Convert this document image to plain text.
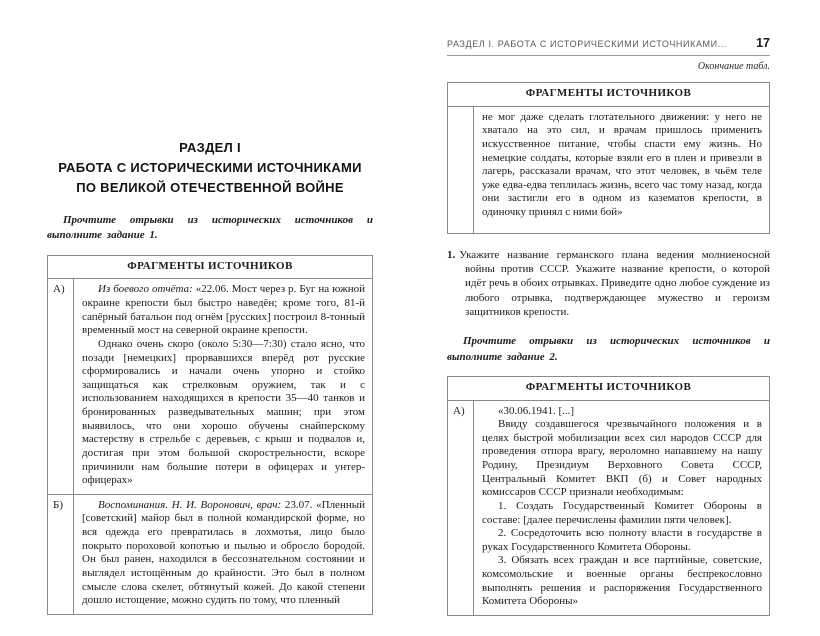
РАЗДЕЛ I
РАБОТА С ИСТОРИЧЕСКИМИ ИСТОЧНИКАМИ
ПО ВЕЛИКОЙ ОТЕЧЕСТВЕННОЙ ВОЙНЕ

Прочтите отрывки из исторических источников и выполните задание 1.

ФРАГМЕНТЫ ИСТОЧНИКОВ
А)	Из боевого отчёта: «22.06. Мост через р. Буг на южной окраине крепости был быстро наведён; кроме того, 81-й сапёрный батальон под огнём [русских] построил 8-тонный временный мост на северной окраине крепости.

Однако очень скоро (около 5:30—7:30) стало ясно, что позади [немецких] прорвавшихся вперёд рот русские сформировались и начали очень упорно и стойко защищаться как стрелковым оружием, так и с использованием находящихся в крепости 35—40 танков и бронированных разведывательных машин; при этом выявилось, что они хорошо обучены снайперскому мастерству в стрельбе с деревьев, с крыш и подвалов и, достигая при этом большой скорострельности, вскоре причинили нам большие потери в офицерах и унтер-офицерах»

Б)	Воспоминания. Н. И. Воронович, врач: 23.07. «Пленный [советский] майор был в полной командирской форме, но вся одежда его превратилась в лохмотья, лицо было покрыто пороховой копотью и пылью и обросло бородой. Он был ранен, находился в бессознательном состоянии и выглядел истощённым до крайности. Это был в полном смысле слова скелет, обтянутый кожей. До какой степени дошло истощение, можно судить по тому, что пленный

РАЗДЕЛ I. РАБОТА С ИСТОРИЧЕСКИМИ ИСТОЧНИКАМИ... 17
Окончание табл.
ФРАГМЕНТЫ ИСТОЧНИКОВ

не мог даже сделать глотательного движения: у него не хватало на это сил, и врачам пришлось применить искусственное питание, чтобы спасти ему жизнь. Но немецкие солдаты, которые взяли его в плен и привезли в лагерь, рассказали врачам, что этот человек, в чьём теле уже едва-едва теплилась жизнь, всего час тому назад, когда они застигли его в одном из казематов крепости, в одиночку принял с ними бой»

1. Укажите название германского плана ведения молниеносной войны против СССР. Укажите название крепости, о которой идёт речь в обоих отрывках. Приведите одно любое суждение из любого отрывка, подтверждающее мужество и героизм защитников крепости.

Прочтите отрывки из исторических источников и выполните задание 2.

ФРАГМЕНТЫ ИСТОЧНИКОВ
А)	«30.06.1941. [...]

Ввиду создавшегося чрезвычайного положения и в целях быстрой мобилизации всех сил народов СССР для проведения отпора врагу, вероломно напавшему на нашу Родину, Президиум Верховного Совета СССР, Центральный Комитет ВКП (б) и Совет народных комиссаров СССР признали необходимым:

1. Создать Государственный Комитет Обороны в составе: [далее перечислены фамилии пяти человек].

2. Сосредоточить всю полноту власти в государстве в руках Государственного Комитета Обороны.

3. Обязать всех граждан и все партийные, советские, комсомольские и военные органы беспрекословно выполнять решения и распоряжения Государственного Комитета Обороны»
